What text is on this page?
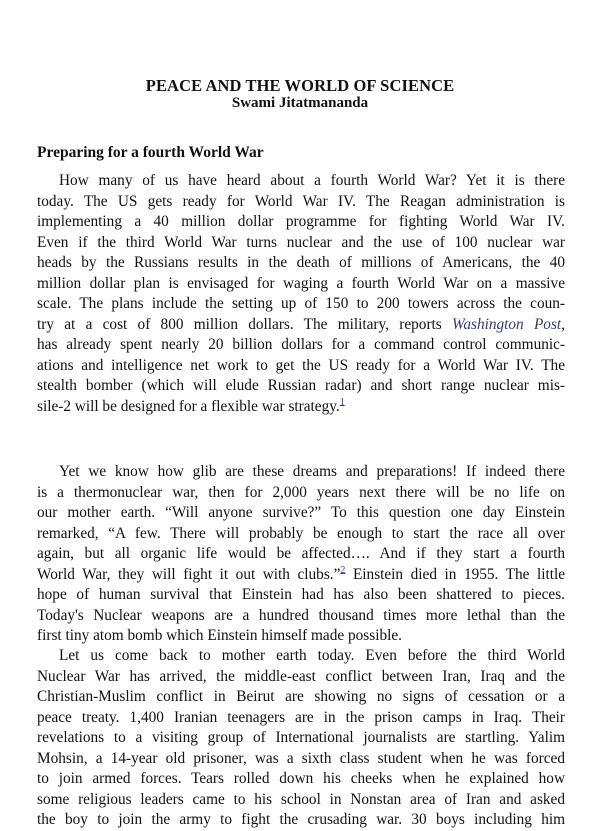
PEACE AND THE WORLD OF SCIENCE
Swami Jitatmananda
Preparing for a fourth World War
How many of us have heard about a fourth World War? Yet it is there
today. The US gets ready for World War IV. The Reagan administration is
implementing a 40 million dollar programme for fighting World War IV.
Even if the third World War turns nuclear and the use of 100 nuclear war
heads by the Russians results in the death of millions of Americans, the 40
million dollar plan is envisaged for waging a fourth World War on a massive
scale. The plans include the setting up of 150 to 200 towers across the coun-
try at a cost of 800 million dollars. The military, reports Washington Post,
has already spent nearly 20 billion dollars for a command control communic-
ations and intelligence net work to get the US ready for a World War IV. The
stealth bomber (which will elude Russian radar) and short range nuclear mis-
sile-2 will be designed for a flexible war strategy.$^1$
Yet we know how glib are these dreams and preparations! If indeed there
is a thermonuclear war, then for 2,000 years next there will be no life on
our mother earth. “Will anyone survive?” To this question one day Einstein
remarked, “A few. There will probably be enough to start the race all over
again, but all organic life would be affected…. And if they start a fourth
World War, they will fight it out with clubs.”$^2$ Einstein died in 1955. The little
hope of human survival that Einstein had has also been shattered to pieces.
Today's Nuclear weapons are a hundred thousand times more lethal than the
first tiny atom bomb which Einstein himself made possible.
Let us come back to mother earth today. Even before the third World
Nuclear War has arrived, the middle-east conflict between Iran, Iraq and the
Christian-Muslim conflict in Beirut are showing no signs of cessation or a
peace treaty. 1,400 Iranian teenagers are in the prison camps in Iraq. Their
revelations to a visiting group of International journalists are startling. Yalim
Mohsin, a 14-year old prisoner, was a sixth class student when he was forced
to join armed forces. Tears rolled down his cheeks when he explained how
some religious leaders came to his school in Nonstan area of Iran and asked
the boy to join the army to fight the crusading war. 30 boys including him
